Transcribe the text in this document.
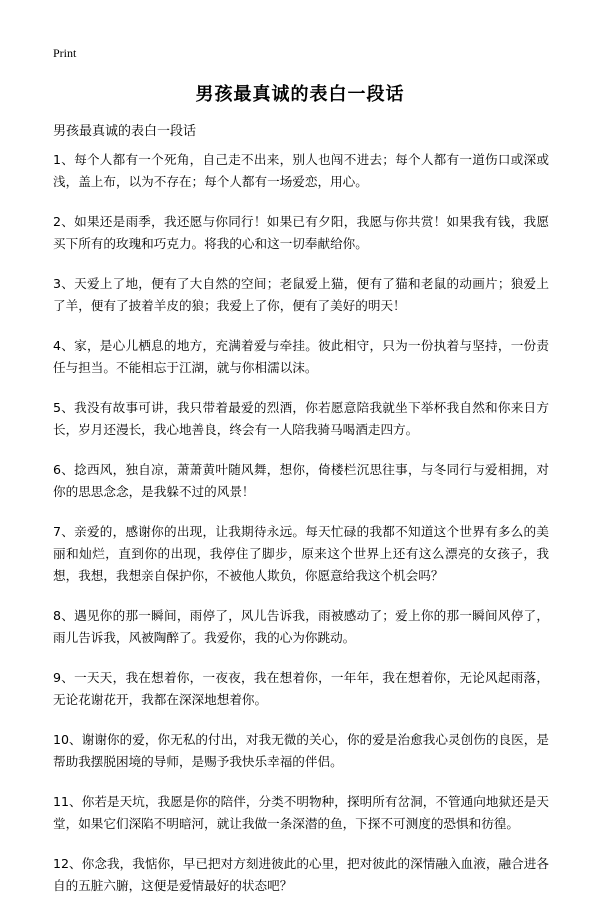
Print
男孩最真诚的表白一段话
男孩最真诚的表白一段话

1、每个人都有一个死角，自己走不出来，别人也闯不进去；每个人都有一道伤口或深或浅，盖上布，以为不存在；每个人都有一场爱恋，用心。

2、如果还是雨季，我还愿与你同行！如果已有夕阳，我愿与你共赏！如果我有钱，我愿买下所有的玫瑰和巧克力。将我的心和这一切奉献给你。

3、天爱上了地，便有了大自然的空间；老鼠爱上猫，便有了猫和老鼠的动画片；狼爱上了羊，便有了披着羊皮的狼；我爱上了你，便有了美好的明天！

4、家，是心儿栖息的地方，充满着爱与牵挂。彼此相守，只为一份执着与坚持，一份责任与担当。不能相忘于江湖，就与你相濡以沫。

5、我没有故事可讲，我只带着最爱的烈酒，你若愿意陪我就坐下举杯我自然和你来日方长，岁月还漫长，我心地善良，终会有一人陪我骑马喝酒走四方。

6、捻西风，独自凉，萧萧黄叶随风舞，想你，倚楼栏沉思往事，与冬同行与爱相拥，对你的思思念念，是我躲不过的风景！

7、亲爱的，感谢你的出现，让我期待永远。每天忙碌的我都不知道这个世界有多么的美丽和灿烂，直到你的出现，我停住了脚步，原来这个世界上还有这么漂亮的女孩子，我想，我想，我想亲自保护你，不被他人欺负，你愿意给我这个机会吗？

8、遇见你的那一瞬间，雨停了，风儿告诉我，雨被感动了；爱上你的那一瞬间风停了，雨儿告诉我，风被陶醉了。我爱你，我的心为你跳动。

9、一天天，我在想着你，一夜夜，我在想着你，一年年，我在想着你，无论风起雨落，无论花谢花开，我都在深深地想着你。

10、谢谢你的爱，你无私的付出，对我无微的关心，你的爱是治愈我心灵创伤的良医，是帮助我摆脱困境的导师，是赐予我快乐幸福的伴侣。

11、你若是天坑，我愿是你的陪伴，分类不明物种，探明所有岔洞，不管通向地狱还是天堂，如果它们深陷不明暗河，就让我做一条深潜的鱼，下探不可测度的恐惧和彷徨。

12、你念我，我惦你，早已把对方刻进彼此的心里，把对彼此的深情融入血液，融合进各自的五脏六腑，这便是爱情最好的状态吧？
